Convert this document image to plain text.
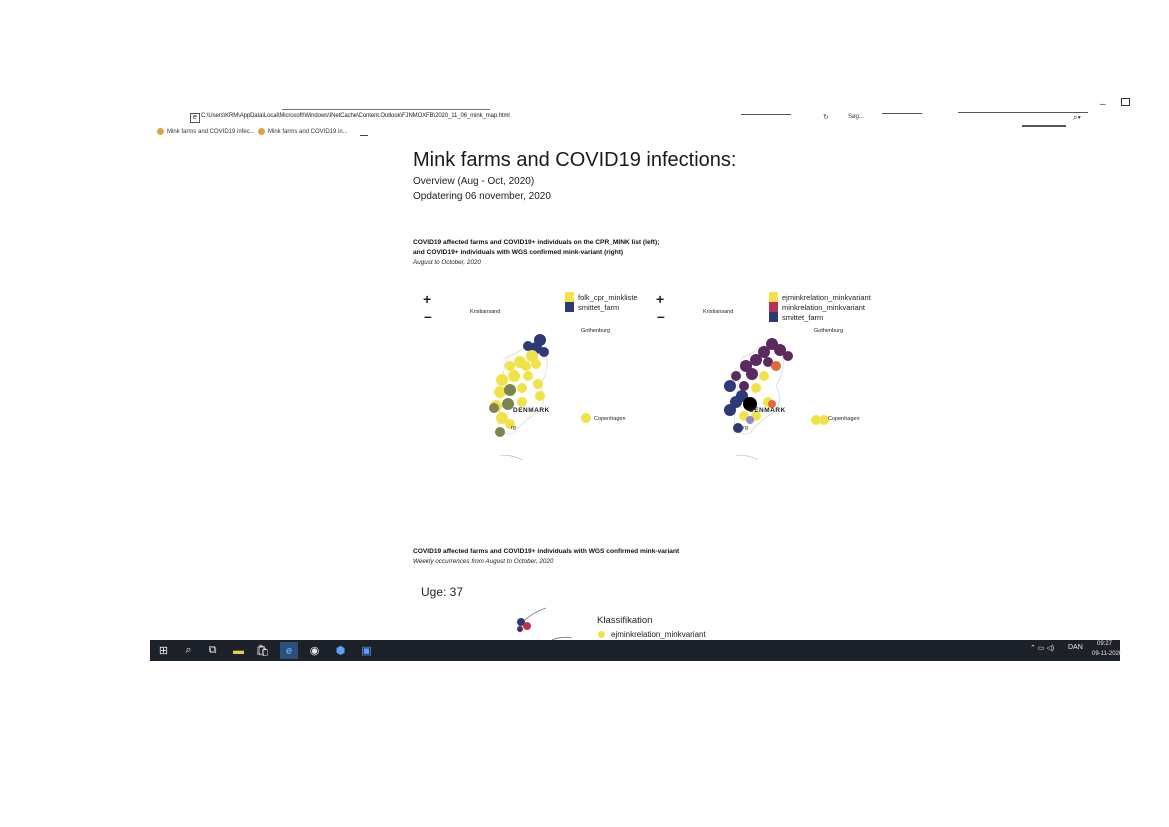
e C:\Users\KRM\AppData\Local\Microsoft\Windows\INetCache\Content.Outlook\FJNMOXFB\2020_11_06_mink_map.html	↻	Søg...	⌕▾
–
Mink farms and COVID19 infec... Mink farms and COVID19 in...
Mink farms and COVID19 infections:
Overview (Aug - Oct, 2020)
Opdatering 06 november, 2020
COVID19 affected farms and COVID19+ individuals on the CPR_MINK list (left);
and COVID19+ individuals with WGS confirmed mink-variant (right)
August to October, 2020
+
–
folk_cpr_minkliste
smittet_farm
Kristiansand
Gothenburg
DENMARK
Copenhagen
rg
+
–
ejminkrelation_minkvariant
minkrelation_minkvariant
smittet_farm
Kristiansand
Gothenburg
DENMARK
Copenhagen
rg
COVID19 affected farms and COVID19+ individuals with WGS confirmed mink-variant
Weekly occurrences from August to October, 2020
Uge: 37
Klassifikation
ejminkrelation_minkvariant
⊞	⌕	⧉ ▬ 🛍	e	◉ ⬢ ▣	⌃ ▭ ◁) DAN 09:27
09-11-2020
